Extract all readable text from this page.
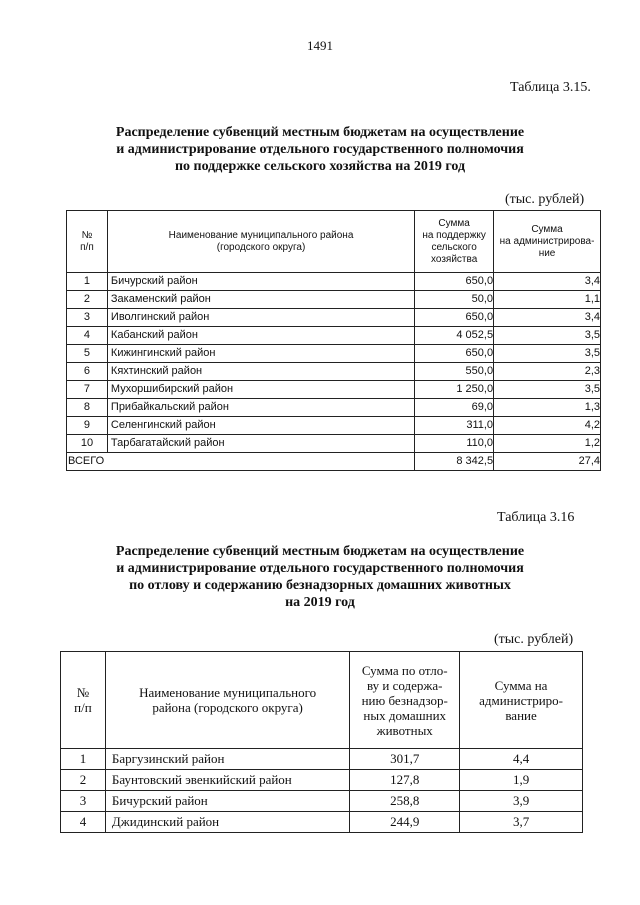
1491
Таблица 3.15.
Распределение субвенций местным бюджетам на осуществление
и администрирование отдельного государственного полномочия
по поддержке сельского хозяйства на 2019 год
(тыс. рублей)
№
п/п	Наименование муниципального района
(городского округа)	Сумма
на поддержку
сельского
хозяйства	Сумма
на администрирова-
ние
1	Бичурский район	650,0	3,4
2	Закаменский район	50,0	1,1
3	Иволгинский район	650,0	3,4
4	Кабанский район	4 052,5	3,5
5	Кижингинский район	650,0	3,5
6	Кяхтинский район	550,0	2,3
7	Мухоршибирский район	1 250,0	3,5
8	Прибайкальский район	69,0	1,3
9	Селенгинский район	311,0	4,2
10	Тарбагатайский район	110,0	1,2
ВСЕГО		8 342,5	27,4
Таблица 3.16
Распределение субвенций местным бюджетам на осуществление
и администрирование отдельного государственного полномочия
по отлову и содержанию безнадзорных домашних животных
на 2019 год
(тыс. рублей)
№
п/п	Наименование муниципального
района (городского округа)	Сумма по отло-
ву и содержа-
нию безнадзор-
ных домашних
животных	Сумма на
администриро-
вание
1	Баргузинский район	301,7	4,4
2	Баунтовский эвенкийский район	127,8	1,9
3	Бичурский район	258,8	3,9
4	Джидинский район	244,9	3,7
